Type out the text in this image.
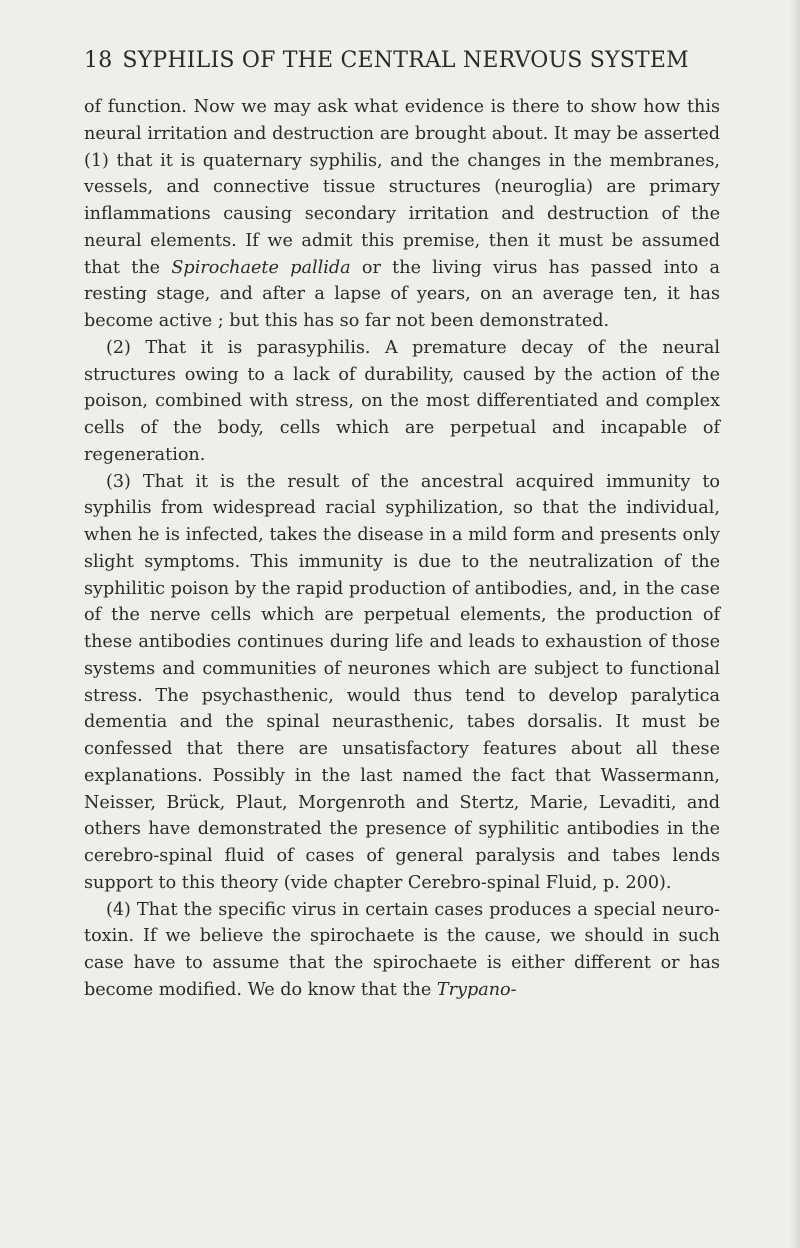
18 SYPHILIS OF THE CENTRAL NERVOUS SYSTEM

of function. Now we may ask what evidence is there to show how this neural irritation and destruction are brought about. It may be asserted (1) that it is quaternary syphilis, and the changes in the membranes, vessels, and connective tissue structures (neuroglia) are primary inflammations causing secondary irritation and destruction of the neural elements. If we admit this premise, then it must be assumed that the Spirochaete pallida or the living virus has passed into a resting stage, and after a lapse of years, on an average ten, it has become active ; but this has so far not been demonstrated.

(2) That it is parasyphilis. A premature decay of the neural structures owing to a lack of durability, caused by the action of the poison, combined with stress, on the most differentiated and complex cells of the body, cells which are perpetual and incapable of regeneration.

(3) That it is the result of the ancestral acquired immunity to syphilis from widespread racial syphilization, so that the individual, when he is infected, takes the disease in a mild form and presents only slight symptoms. This immunity is due to the neutralization of the syphilitic poison by the rapid production of antibodies, and, in the case of the nerve cells which are perpetual elements, the production of these antibodies continues during life and leads to exhaustion of those systems and communities of neurones which are subject to functional stress. The psychasthenic, would thus tend to develop paralytica dementia and the spinal neurasthenic, tabes dorsalis. It must be confessed that there are unsatisfactory features about all these explanations. Possibly in the last named the fact that Wassermann, Neisser, Brück, Plaut, Morgenroth and Stertz, Marie, Levaditi, and others have demonstrated the presence of syphilitic antibodies in the cerebro-spinal fluid of cases of general paralysis and tabes lends support to this theory (vide chapter Cerebro-spinal Fluid, p. 200).

(4) That the specific virus in certain cases produces a special neuro-toxin. If we believe the spirochaete is the cause, we should in such case have to assume that the spirochaete is either different or has become modified. We do know that the Trypano-
